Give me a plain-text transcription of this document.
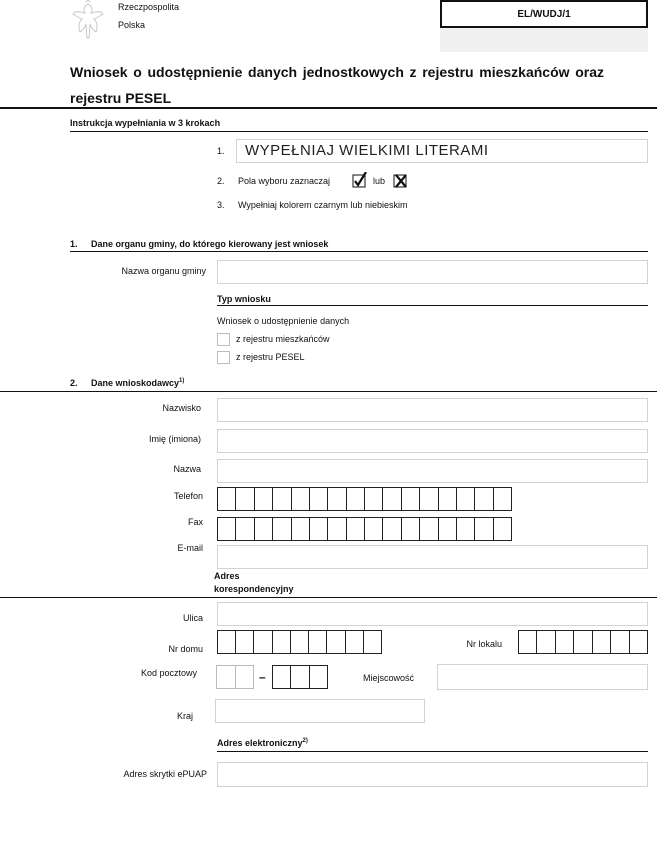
Rzeczpospolita
Polska
EL/WUDJ/1
Wniosek o udostępnienie danych jednostkowych z rejestru mieszkańców oraz
rejestru PESEL
Instrukcja wypełniania w 3 krokach
1.	WYPEŁNIAJ WIELKIMI LITERAMI
2. Pola wyboru zaznaczaj	lub
3. Wypełniaj kolorem czarnym lub niebieskim
1. Dane organu gminy, do którego kierowany jest wniosek
Nazwa organu gminy
Typ wniosku
Wniosek o udostępnienie danych
z rejestru mieszkańców
z rejestru PESEL
2. Dane wnioskodawcy$^{1)}$
Nazwisko
Imię (imiona)
Nazwa
Telefon
Fax
E-mail
Adres
korespondencyjny
Ulica
Nr domu	Nr lokalu
Kod pocztowy	–	Miejscowość
Kraj
Adres elektroniczny$^{2)}$
Adres skrytki ePUAP
